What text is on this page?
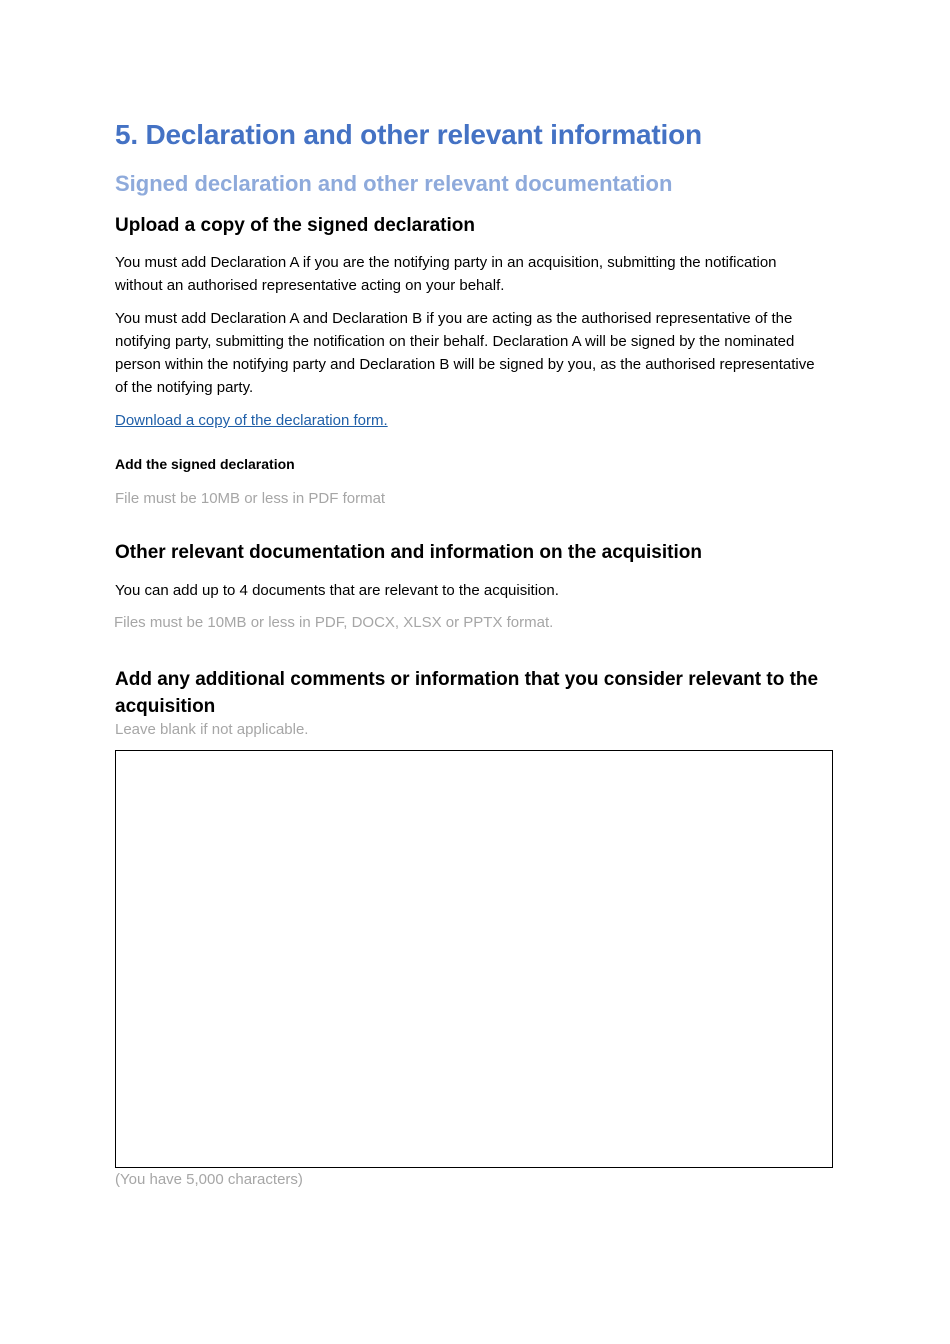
5. Declaration and other relevant information
Signed declaration and other relevant documentation
Upload a copy of the signed declaration

You must add Declaration A if you are the notifying party in an acquisition, submitting the notification without an authorised representative acting on your behalf.

You must add Declaration A and Declaration B if you are acting as the authorised representative of the notifying party, submitting the notification on their behalf. Declaration A will be signed by the nominated person within the notifying party and Declaration B will be signed by you, as the authorised representative of the notifying party.

Download a copy of the declaration form.
Add the signed declaration
File must be 10MB or less in PDF format
Other relevant documentation and information on the acquisition

You can add up to 4 documents that are relevant to the acquisition.

Files must be 10MB or less in PDF, DOCX, XLSX or PPTX format.
Add any additional comments or information that you consider relevant to the acquisition
Leave blank if not applicable.
(You have 5,000 characters)
